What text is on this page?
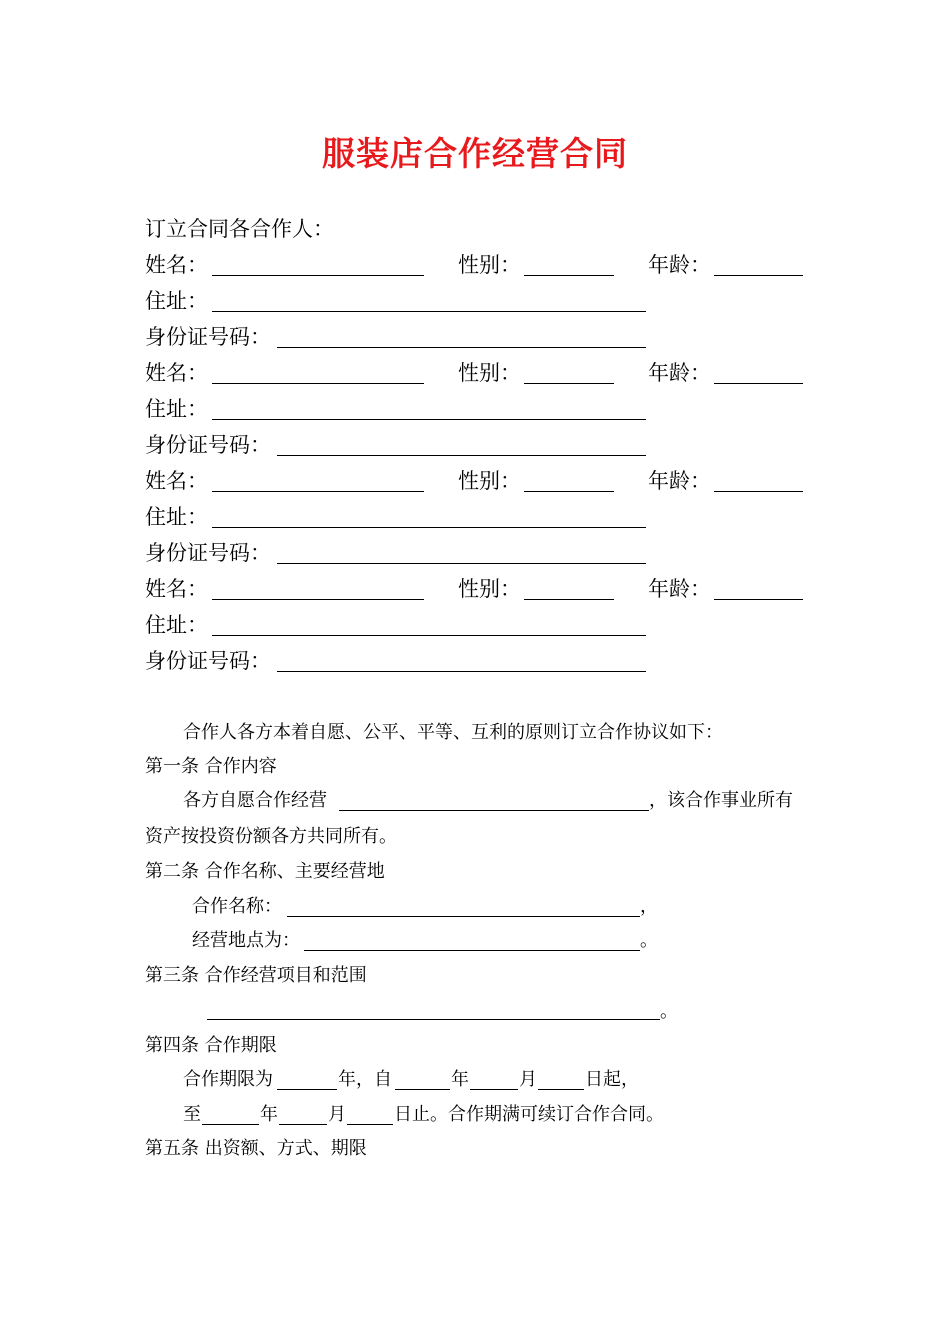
服装店合作经营合同
订立合同各合作人：
姓名：	性别：	年龄：
住址：
身份证号码：
姓名：	性别：	年龄：
住址：
身份证号码：
姓名：	性别：	年龄：
住址：
身份证号码：
姓名：	性别：	年龄：
住址：
身份证号码：
合作人各方本着自愿、公平、平等、互利的原则订立合作协议如下：
第一条 合作内容
各方自愿合作经营	，该合作事业所有
资产按投资份额各方共同所有。
第二条 合作名称、主要经营地
合作名称：	，
经营地点为：	。
第三条 合作经营项目和范围
。
第四条 合作期限
合作期限为	年 ，自	年	月	日起，
至	年	月	日止。合作期满可续订合作合同。
第五条 出资额、方式、期限
